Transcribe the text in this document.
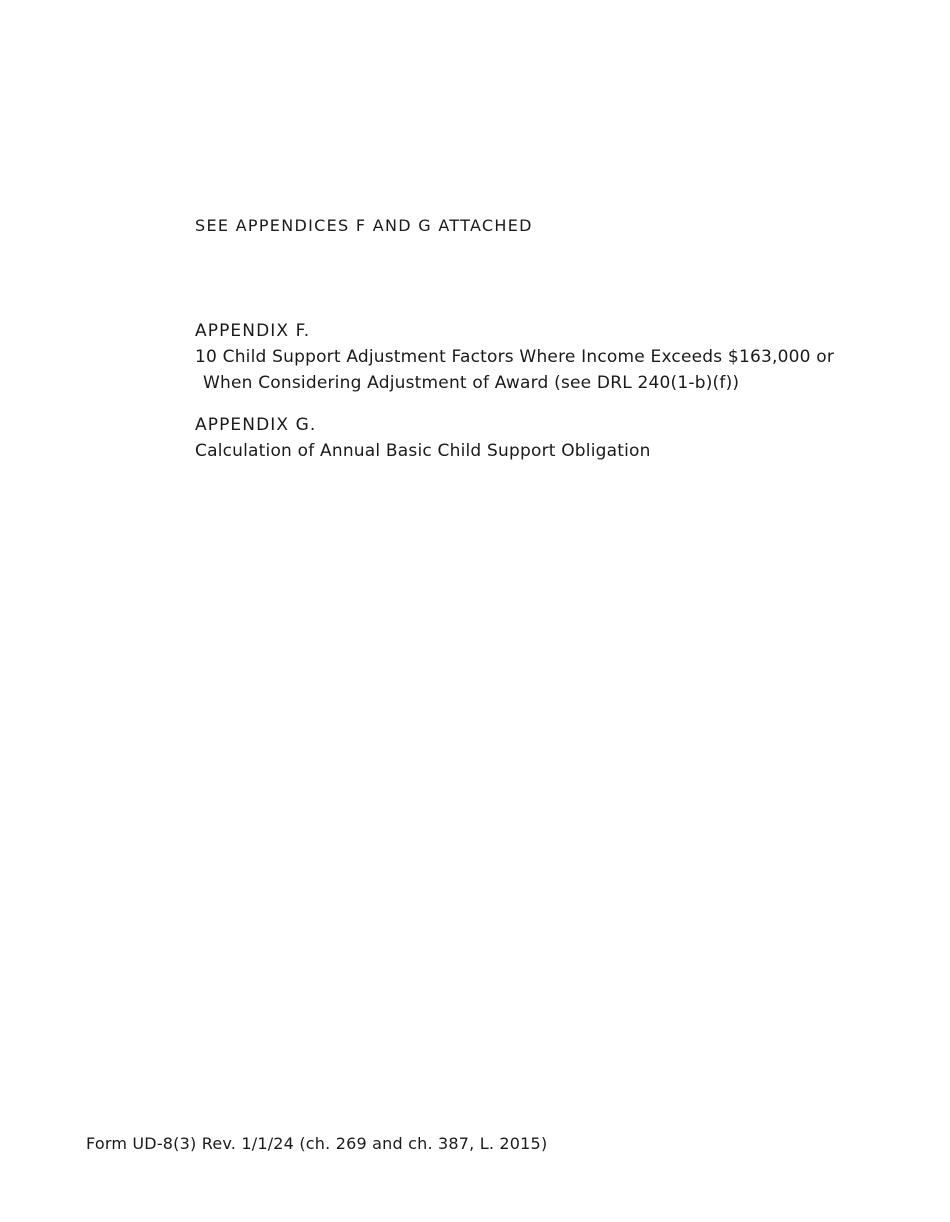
SEE APPENDICES F AND G ATTACHED
APPENDIX F.
10 Child Support Adjustment Factors Where Income Exceeds $163,000 or
When Considering Adjustment of Award (see DRL 240(1-b)(f))
APPENDIX G.
Calculation of Annual Basic Child Support Obligation
Form UD-8(3) Rev. 1/1/24 (ch. 269 and ch. 387, L. 2015)
